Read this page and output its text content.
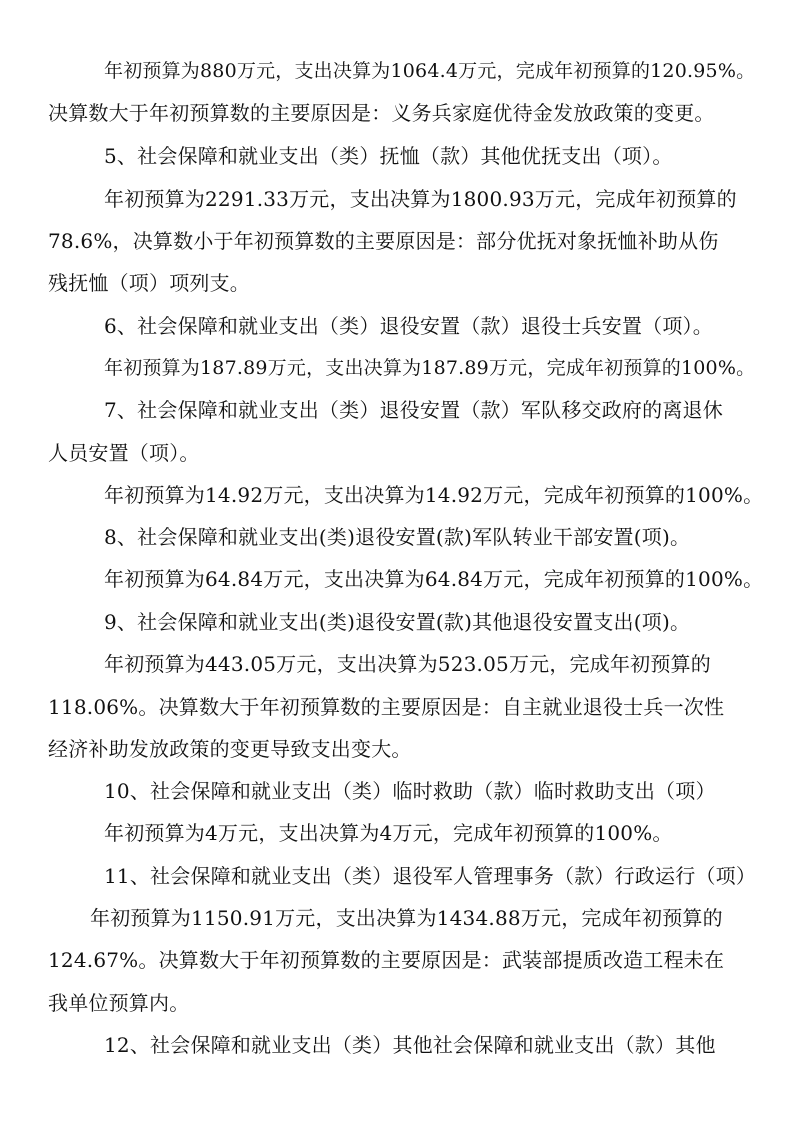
年初预算为880万元，支出决算为1064.4万元，完成年初预算的120.95%。
决算数大于年初预算数的主要原因是：义务兵家庭优待金发放政策的变更。
5、社会保障和就业支出（类）抚恤（款）其他优抚支出（项）。
年初预算为2291.33万元，支出决算为1800.93万元，完成年初预算的
78.6%，决算数小于年初预算数的主要原因是：部分优抚对象抚恤补助从伤
残抚恤（项）项列支。
6、社会保障和就业支出（类）退役安置（款）退役士兵安置（项）。
年初预算为187.89万元，支出决算为187.89万元，完成年初预算的100%。
7、社会保障和就业支出（类）退役安置（款）军队移交政府的离退休
人员安置（项）。
年初预算为14.92万元，支出决算为14.92万元，完成年初预算的100%。
8、社会保障和就业支出(类)退役安置(款)军队转业干部安置(项)。
年初预算为64.84万元，支出决算为64.84万元，完成年初预算的100%。
9、社会保障和就业支出(类)退役安置(款)其他退役安置支出(项)。
年初预算为443.05万元，支出决算为523.05万元，完成年初预算的
118.06%。决算数大于年初预算数的主要原因是：自主就业退役士兵一次性
经济补助发放政策的变更导致支出变大。
10、社会保障和就业支出（类）临时救助（款）临时救助支出（项）
年初预算为4万元，支出决算为4万元，完成年初预算的100%。
11、社会保障和就业支出（类）退役军人管理事务（款）行政运行（项）
年初预算为1150.91万元，支出决算为1434.88万元，完成年初预算的
124.67%。决算数大于年初预算数的主要原因是：武装部提质改造工程未在
我单位预算内。
12、社会保障和就业支出（类）其他社会保障和就业支出（款）其他
